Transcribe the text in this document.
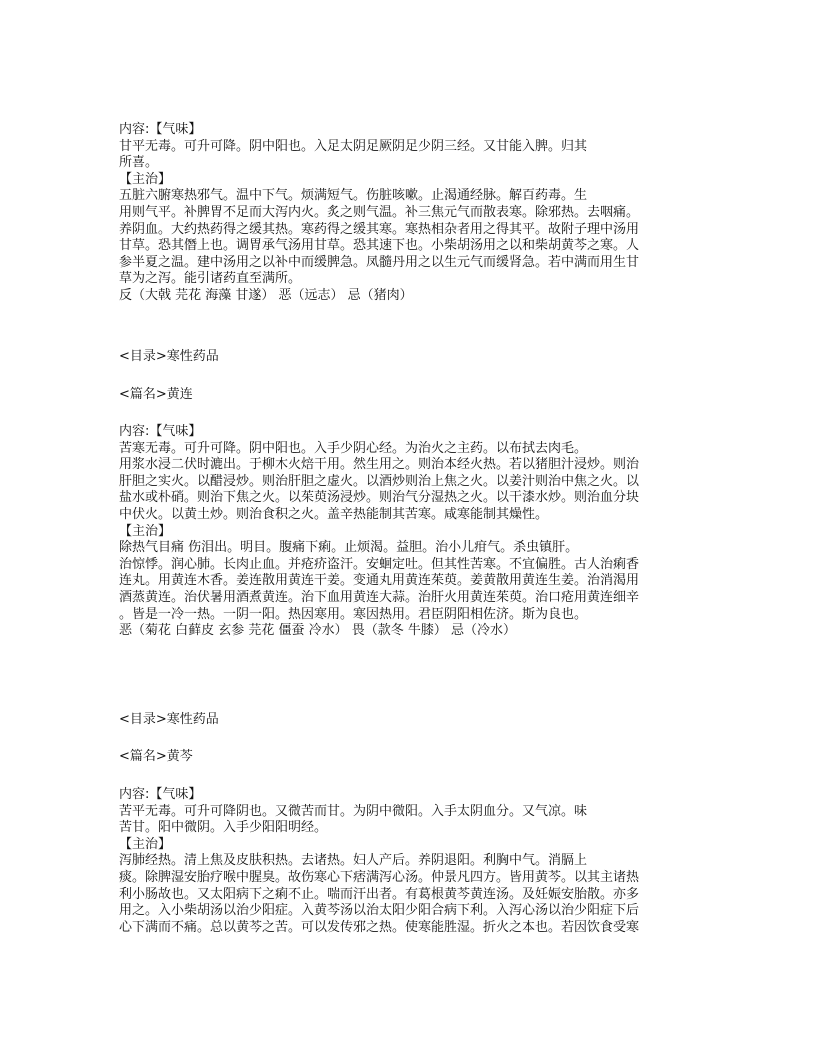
内容:【气味】
甘平无毒。可升可降。阴中阳也。入足太阴足厥阴足少阴三经。又甘能入脾。归其
所喜。
【主治】
五脏六腑寒热邪气。温中下气。烦满短气。伤脏咳嗽。止渴通经脉。解百药毒。生
用则气平。补脾胃不足而大泻内火。炙之则气温。补三焦元气而散表寒。除邪热。去咽痛。
养阴血。大约热药得之缓其热。寒药得之缓其寒。寒热相杂者用之得其平。故附子理中汤用
甘草。恐其僭上也。调胃承气汤用甘草。恐其速下也。小柴胡汤用之以和柴胡黄芩之寒。人
参半夏之温。建中汤用之以补中而缓脾急。凤髓丹用之以生元气而缓肾急。若中满而用生甘
草为之泻。能引诸药直至满所。
反（大戟 芫花 海藻 甘遂） 恶（远志） 忌（猪肉）
<目录>寒性药品
<篇名>黄连
内容:【气味】
苦寒无毒。可升可降。阴中阳也。入手少阴心经。为治火之主药。以布拭去肉毛。
用浆水浸二伏时漉出。于柳木火焙干用。然生用之。则治本经火热。若以猪胆汁浸炒。则治
肝胆之实火。以醋浸炒。则治肝胆之虚火。以酒炒则治上焦之火。以姜汁则治中焦之火。以
盐水或朴硝。则治下焦之火。以茱萸汤浸炒。则治气分湿热之火。以干漆水炒。则治血分块
中伏火。以黄土炒。则治食积之火。盖辛热能制其苦寒。咸寒能制其燥性。
【主治】
除热气目痛 伤泪出。明目。腹痛下痢。止烦渴。益胆。治小儿疳气。杀虫镇肝。
治惊悸。润心肺。长肉止血。并疮疥盗汗。安蛔定吐。但其性苦寒。不宜偏胜。古人治痢香
连丸。用黄连木香。姜连散用黄连干姜。变通丸用黄连茱萸。姜黄散用黄连生姜。治消渴用
酒蒸黄连。治伏暑用酒煮黄连。治下血用黄连大蒜。治肝火用黄连茱萸。治口疮用黄连细辛
。皆是一冷一热。一阴一阳。热因寒用。寒因热用。君臣阴阳相佐济。斯为良也。
恶（菊花 白藓皮 玄参 芫花 僵蚕 冷水） 畏（款冬 牛膝） 忌（冷水）
<目录>寒性药品
<篇名>黄芩
内容:【气味】
苦平无毒。可升可降阴也。又微苦而甘。为阴中微阳。入手太阴血分。又气凉。味
苦甘。阳中微阴。入手少阳阳明经。
【主治】
泻肺经热。清上焦及皮肤积热。去诸热。妇人产后。养阴退阳。利胸中气。消膈上
痰。除脾湿安胎疗喉中腥臭。故伤寒心下痞满泻心汤。仲景凡四方。皆用黄芩。以其主诸热
利小肠故也。又太阳病下之痢不止。喘而汗出者。有葛根黄芩黄连汤。及妊娠安胎散。亦多
用之。入小柴胡汤以治少阳症。入黄芩汤以治太阳少阳合病下利。入泻心汤以治少阳症下后
心下满而不痛。总以黄芩之苦。可以发传邪之热。使寒能胜湿。折火之本也。若因饮食受寒
